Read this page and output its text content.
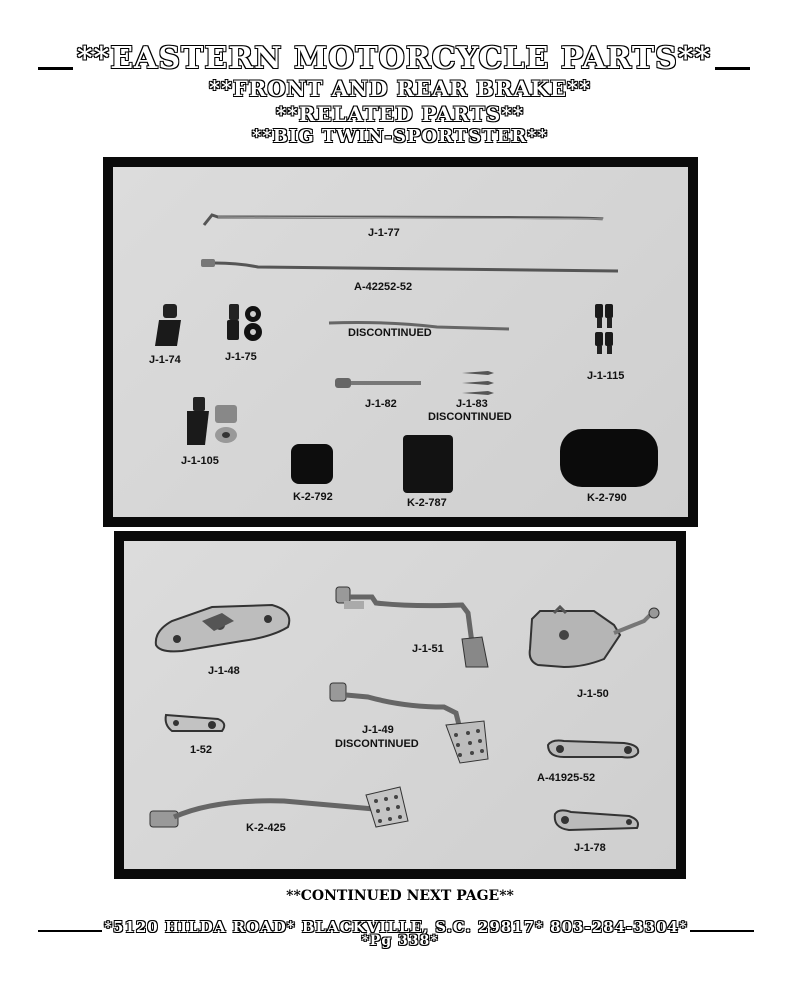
**EASTERN MOTORCYCLE PARTS**
**FRONT AND REAR BRAKE**
**RELATED PARTS**
**BIG TWIN-SPORTSTER**
J-1-77
A-42252-52
DISCONTINUED
J-1-74	J-1-75
J-1-115
J-1-82	J-1-83
DISCONTINUED
J-1-105
K-2-792	K-2-787	K-2-790
J-1-48
J-1-51
J-1-50
J-1-49
DISCONTINUED
1-52
A-41925-52
K-2-425
J-1-78
**CONTINUED NEXT PAGE**
*5120 HILDA ROAD* BLACKVILLE, S.C. 29817* 803-284-3304*
*Pg 338*
